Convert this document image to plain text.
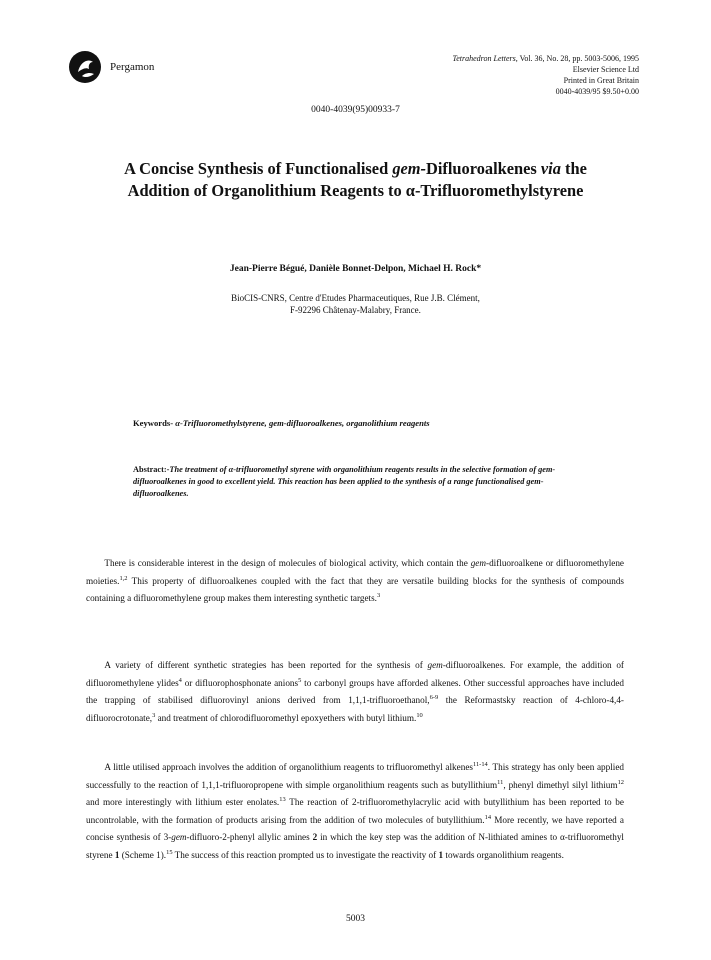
Pergamon
Tetrahedron Letters, Vol. 36, No. 28, pp. 5003-5006, 1995
Elsevier Science Ltd
Printed in Great Britain
0040-4039/95 $9.50+0.00
0040-4039(95)00933-7
A Concise Synthesis of Functionalised gem-Difluoroalkenes via the
Addition of Organolithium Reagents to α-Trifluoromethylstyrene
Jean-Pierre Bégué, Danièle Bonnet-Delpon, Michael H. Rock*
BioCIS-CNRS, Centre d'Etudes Pharmaceutiques, Rue J.B. Clément,
F-92296 Châtenay-Malabry, France.
Keywords- α-Trifluoromethylstyrene, gem-difluoroalkenes, organolithium reagents
Abstract:-The treatment of α-trifluoromethyl styrene with organolithium reagents results in the selective formation of gem-difluoroalkenes in good to excellent yield. This reaction has been applied to the synthesis of a range functionalised gem-difluoroalkenes.
  There is considerable interest in the design of molecules of biological activity, which contain the gem-difluoroalkene or difluoromethylene moieties.$^{1,2}$ This property of difluoroalkenes coupled with the fact that they are versatile building blocks for the synthesis of compounds containing a difluoromethylene group makes them interesting synthetic targets.$^3$
  A variety of different synthetic strategies has been reported for the synthesis of gem-difluoroalkenes. For example, the addition of difluoromethylene ylides$^4$ or difluorophosphonate anions$^5$ to carbonyl groups have afforded alkenes. Other successful approaches have included the trapping of stabilised difluorovinyl anions derived from 1,1,1-trifluoroethanol,$^{6-9}$ the Reformastsky reaction of 4-chloro-4,4-difluorocrotonate,$^3$ and treatment of chlorodifluoromethyl epoxyethers with butyl lithium.$^{10}$
  A little utilised approach involves the addition of organolithium reagents to trifluoromethyl alkenes$^{11-14}$. This strategy has only been applied successfully to the reaction of 1,1,1-trifluoropropene with simple organolithium reagents such as butyllithium$^{11}$, phenyl dimethyl silyl lithium$^{12}$ and more interestingly with lithium ester enolates.$^{13}$ The reaction of 2-trifluoromethylacrylic acid with butyllithium has been reported to be uncontrolable, with the formation of products arising from the addition of two molecules of butyllithium.$^{14}$ More recently, we have reported a concise synthesis of 3-gem-difluoro-2-phenyl allylic amines 2 in which the key step was the addition of N-lithiated amines to α-trifluoromethyl styrene 1 (Scheme 1).$^{15}$ The success of this reaction prompted us to investigate the reactivity of 1 towards organolithium reagents.
5003
